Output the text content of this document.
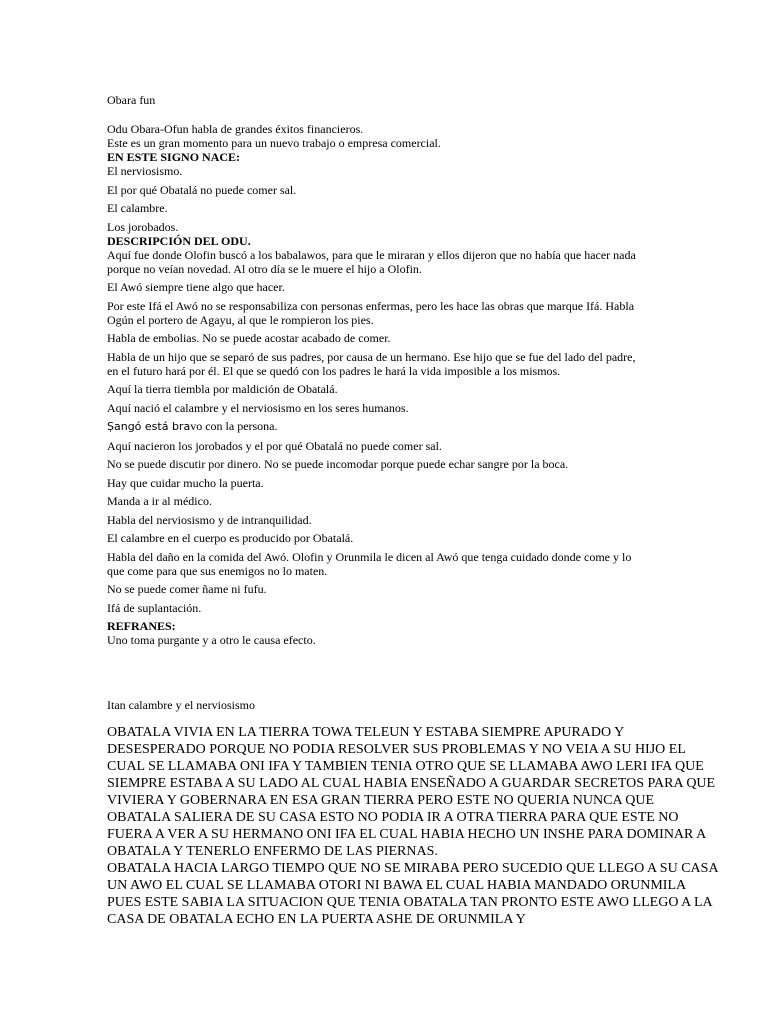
Obara fun

Odu Obara-Ofun habla de grandes éxitos financieros.

Este es un gran momento para un nuevo trabajo o empresa comercial.

EN ESTE SIGNO NACE:

El nerviosismo.

El por qué Obatalá no puede comer sal.

El calambre.

Los jorobados.

DESCRIPCIÓN DEL ODU.

Aquí fue donde Olofin buscó a los babalawos, para que le miraran y ellos dijeron que no había que hacer nada

porque no veían novedad. Al otro día se le muere el hijo a Olofin.

El Awó siempre tiene algo que hacer.

Por este Ifá el Awó no se responsabiliza con personas enfermas, pero les hace las obras que marque Ifá. Habla

Ogún el portero de Agayu, al que le rompieron los pies.

Habla de embolias. No se puede acostar acabado de comer.

Habla de un hijo que se separó de sus padres, por causa de un hermano. Ese hijo que se fue del lado del padre,

en el futuro hará por él. El que se quedó con los padres le hará la vida imposible a los mismos.

Aquí la tierra tiembla por maldición de Obatalá.

Aquí nació el calambre y el nerviosismo en los seres humanos.

Ṣangó está bravo con la persona.

Aquí nacieron los jorobados y el por qué Obatalá no puede comer sal.

No se puede discutir por dinero. No se puede incomodar porque puede echar sangre por la boca.

Hay que cuidar mucho la puerta.

Manda a ir al médico.

Habla del nerviosismo y de intranquilidad.

El calambre en el cuerpo es producido por Obatalá.

Habla del daño en la comida del Awó. Olofin y Orunmila le dicen al Awó que tenga cuidado donde come y lo

que come para que sus enemigos no lo maten.

No se puede comer ñame ni fufu.

Ifá de suplantación.

REFRANES:

Uno toma purgante y a otro le causa efecto.

Itan calambre y el nerviosismo

OBATALA VIVIA EN LA TIERRA TOWA TELEUN Y ESTABA SIEMPRE APURADO Y

DESESPERADO PORQUE NO PODIA RESOLVER SUS PROBLEMAS Y NO VEIA A SU HIJO EL

CUAL SE LLAMABA ONI IFA Y TAMBIEN TENIA OTRO QUE SE LLAMABA AWO LERI IFA QUE

SIEMPRE ESTABA A SU LADO AL CUAL HABIA ENSEÑADO A GUARDAR SECRETOS PARA QUE

VIVIERA Y GOBERNARA EN ESA GRAN TIERRA PERO ESTE NO QUERIA NUNCA QUE

OBATALA SALIERA DE SU CASA ESTO NO PODIA IR A OTRA TIERRA PARA QUE ESTE NO

FUERA A VER A SU HERMANO ONI IFA EL CUAL HABIA HECHO UN INSHE PARA DOMINAR A

OBATALA Y TENERLO ENFERMO DE LAS PIERNAS.

OBATALA HACIA LARGO TIEMPO QUE NO SE MIRABA PERO SUCEDIO QUE LLEGO A SU CASA

UN AWO EL CUAL SE LLAMABA OTORI NI BAWA EL CUAL HABIA MANDADO ORUNMILA

PUES ESTE SABIA LA SITUACION QUE TENIA OBATALA TAN PRONTO ESTE AWO LLEGO A LA

CASA DE OBATALA ECHO EN LA PUERTA ASHE DE ORUNMILA Y
